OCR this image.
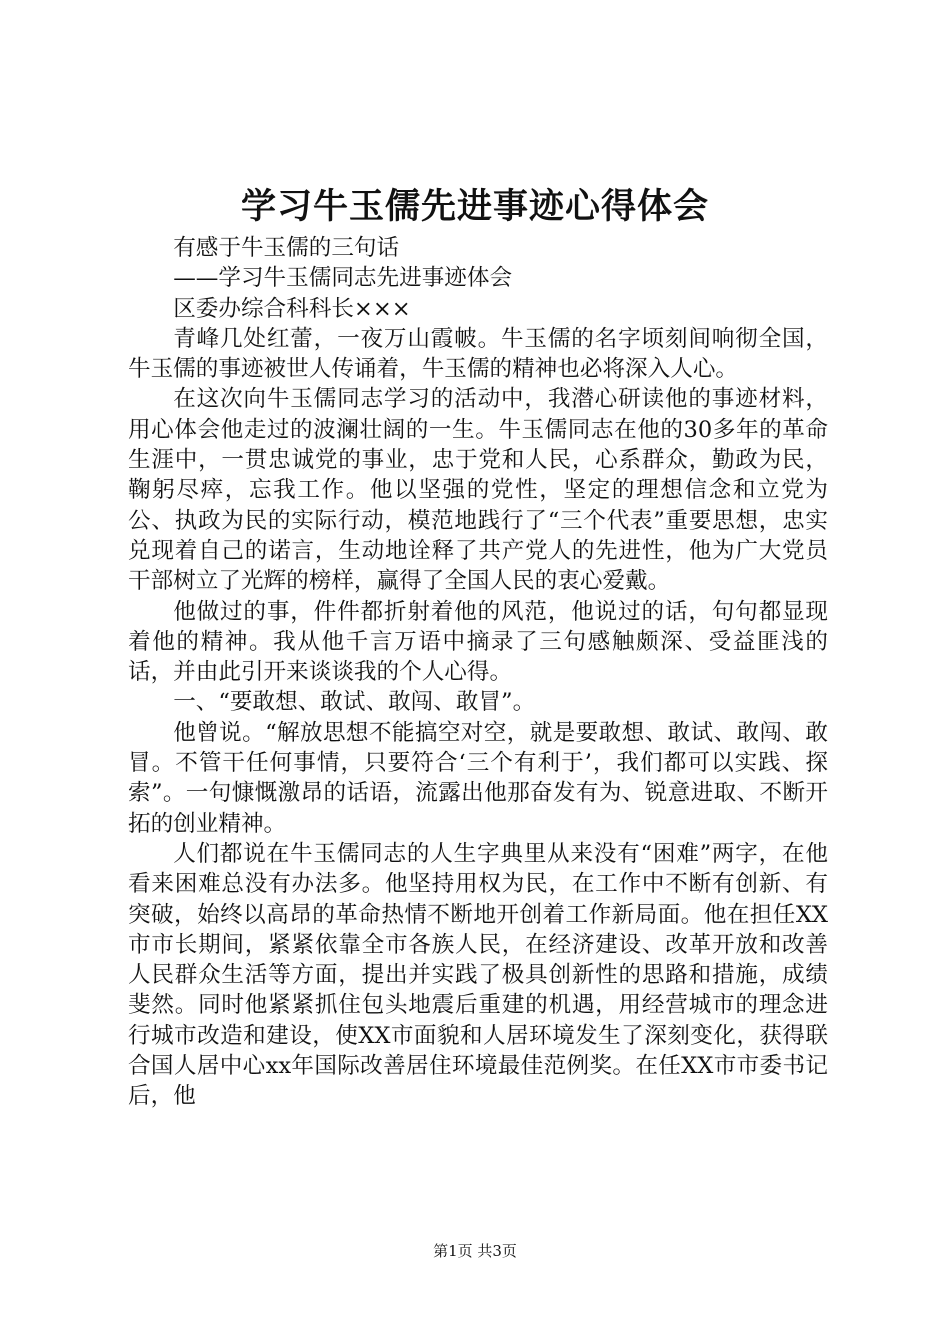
学习牛玉儒先进事迹心得体会

有感于牛玉儒的三句话

——学习牛玉儒同志先进事迹体会

区委办综合科科长×××

青峰几处红蕾，一夜万山霞帔。牛玉儒的名字顷刻间响彻全国，牛玉儒的事迹被世人传诵着，牛玉儒的精神也必将深入人心。

在这次向牛玉儒同志学习的活动中，我潜心研读他的事迹材料，用心体会他走过的波澜壮阔的一生。牛玉儒同志在他的30多年的革命生涯中，一贯忠诚党的事业，忠于党和人民，心系群众，勤政为民，鞠躬尽瘁，忘我工作。他以坚强的党性，坚定的理想信念和立党为公、执政为民的实际行动，模范地践行了“三个代表”重要思想，忠实兑现着自己的诺言，生动地诠释了共产党人的先进性，他为广大党员干部树立了光辉的榜样，赢得了全国人民的衷心爱戴。

他做过的事，件件都折射着他的风范，他说过的话，句句都显现着他的精神。我从他千言万语中摘录了三句感触颇深、受益匪浅的话，并由此引开来谈谈我的个人心得。

一、“要敢想、敢试、敢闯、敢冒”。

他曾说。“解放思想不能搞空对空，就是要敢想、敢试、敢闯、敢冒。不管干任何事情，只要符合‘三个有利于’，我们都可以实践、探索”。一句慷慨激昂的话语，流露出他那奋发有为、锐意进取、不断开拓的创业精神。

人们都说在牛玉儒同志的人生字典里从来没有“困难”两字，在他看来困难总没有办法多。他坚持用权为民，在工作中不断有创新、有突破，始终以高昂的革命热情不断地开创着工作新局面。他在担任XX市市长期间，紧紧依靠全市各族人民，在经济建设、改革开放和改善人民群众生活等方面，提出并实践了极具创新性的思路和措施，成绩斐然。同时他紧紧抓住包头地震后重建的机遇，用经营城市的理念进行城市改造和建设，使XX市面貌和人居环境发生了深刻变化，获得联合国人居中心xx年国际改善居住环境最佳范例奖。在任XX市市委书记后，他

第1页 共3页
